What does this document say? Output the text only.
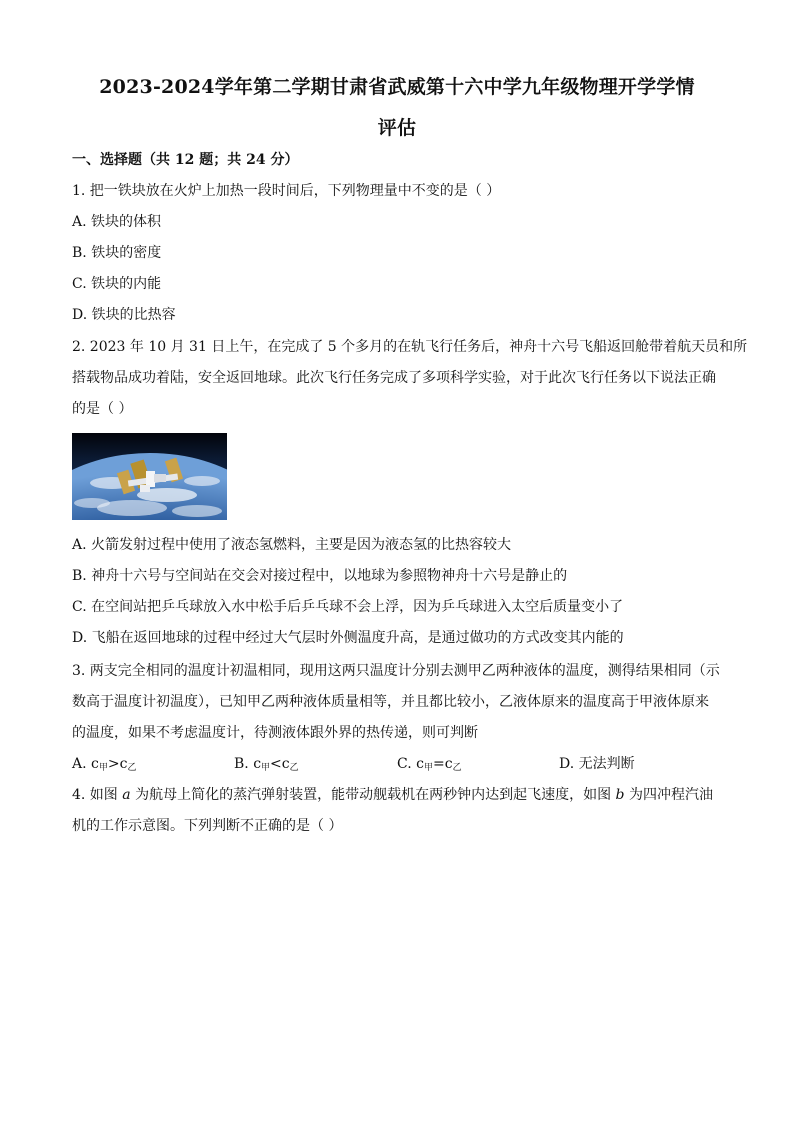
2023-2024学年第二学期甘肃省武威第十六中学九年级物理开学学情
评估
一、选择题（共 12 题；共 24 分）
1. 把一铁块放在火炉上加热一段时间后，下列物理量中不变的是（ ）
A. 铁块的体积
B. 铁块的密度
C. 铁块的内能
D. 铁块的比热容
2. 2023 年 10 月 31 日上午，在完成了 5 个多月的在轨飞行任务后，神舟十六号飞船返回舱带着航天员和所
搭载物品成功着陆，安全返回地球。此次飞行任务完成了多项科学实验，对于此次飞行任务以下说法正确
的是（ ）
A. 火箭发射过程中使用了液态氢燃料，主要是因为液态氢的比热容较大
B. 神舟十六号与空间站在交会对接过程中，以地球为参照物神舟十六号是静止的
C. 在空间站把乒乓球放入水中松手后乒乓球不会上浮，因为乒乓球进入太空后质量变小了
D. 飞船在返回地球的过程中经过大气层时外侧温度升高，是通过做功的方式改变其内能的
3. 两支完全相同的温度计初温相同，现用这两只温度计分别去测甲乙两种液体的温度，测得结果相同（示
数高于温度计初温度），已知甲乙两种液体质量相等，并且都比较小，乙液体原来的温度高于甲液体原来
的温度，如果不考虑温度计，待测液体跟外界的热传递，则可判断
A. $c_甲>c_乙$	B. $c_甲<c_乙$	C. $c_甲=c_乙$	D. 无法判断
4. 如图 a 为航母上简化的蒸汽弹射装置，能带动舰载机在两秒钟内达到起飞速度，如图 b 为四冲程汽油
机的工作示意图。下列判断不正确的是（ ）
